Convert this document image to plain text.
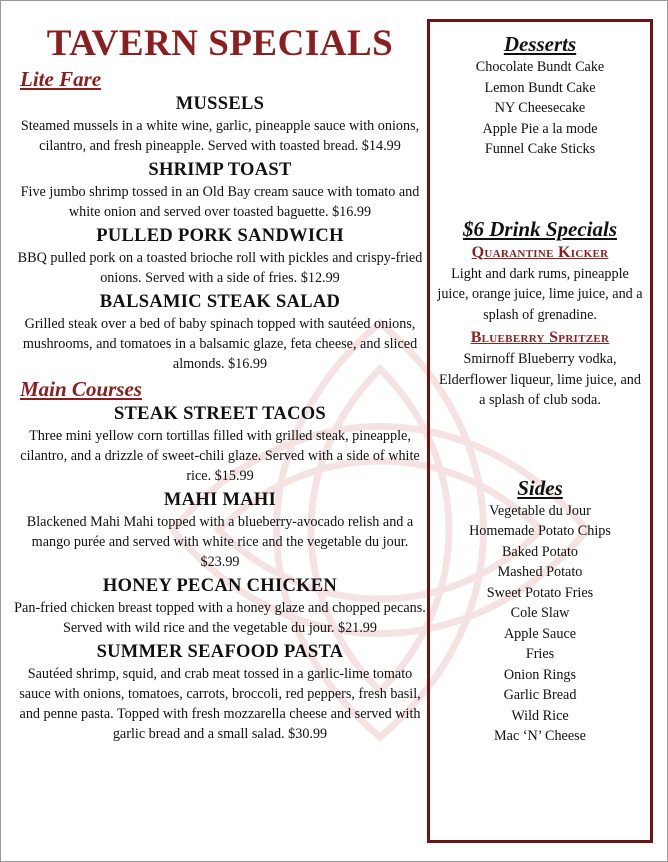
TAVERN SPECIALS
Lite Fare
MUSSELS

Steamed mussels in a white wine, garlic, pineapple sauce with onions, cilantro, and fresh pineapple. Served with toasted bread. $14.99

SHRIMP TOAST

Five jumbo shrimp tossed in an Old Bay cream sauce with tomato and white onion and served over toasted baguette. $16.99

PULLED PORK SANDWICH

BBQ pulled pork on a toasted brioche roll with pickles and crispy-fried onions. Served with a side of fries. $12.99

BALSAMIC STEAK SALAD

Grilled steak over a bed of baby spinach topped with sautéed onions, mushrooms, and tomatoes in a balsamic glaze, feta cheese, and sliced almonds. $16.99

Main Courses
STEAK STREET TACOS

Three mini yellow corn tortillas filled with grilled steak, pineapple, cilantro, and a drizzle of sweet-chili glaze. Served with a side of white rice. $15.99

MAHI MAHI

Blackened Mahi Mahi topped with a blueberry-avocado relish and a mango purée and served with white rice and the vegetable du jour. $23.99

HONEY PECAN CHICKEN

Pan-fried chicken breast topped with a honey glaze and chopped pecans. Served with wild rice and the vegetable du jour. $21.99

SUMMER SEAFOOD PASTA

Sautéed shrimp, squid, and crab meat tossed in a garlic-lime tomato sauce with onions, tomatoes, carrots, broccoli, red peppers, fresh basil, and penne pasta. Topped with fresh mozzarella cheese and served with garlic bread and a small salad. $30.99

Desserts
Chocolate Bundt Cake
Lemon Bundt Cake
NY Cheesecake
Apple Pie a la mode
Funnel Cake Sticks
$6 Drink Specials
Quarantine Kicker

Light and dark rums, pineapple juice, orange juice, lime juice, and a splash of grenadine.

Blueberry Spritzer

Smirnoff Blueberry vodka, Elderflower liqueur, lime juice, and a splash of club soda.

Sides
Vegetable du Jour
Homemade Potato Chips
Baked Potato
Mashed Potato
Sweet Potato Fries
Cole Slaw
Apple Sauce
Fries
Onion Rings
Garlic Bread
Wild Rice
Mac ‘N’ Cheese
